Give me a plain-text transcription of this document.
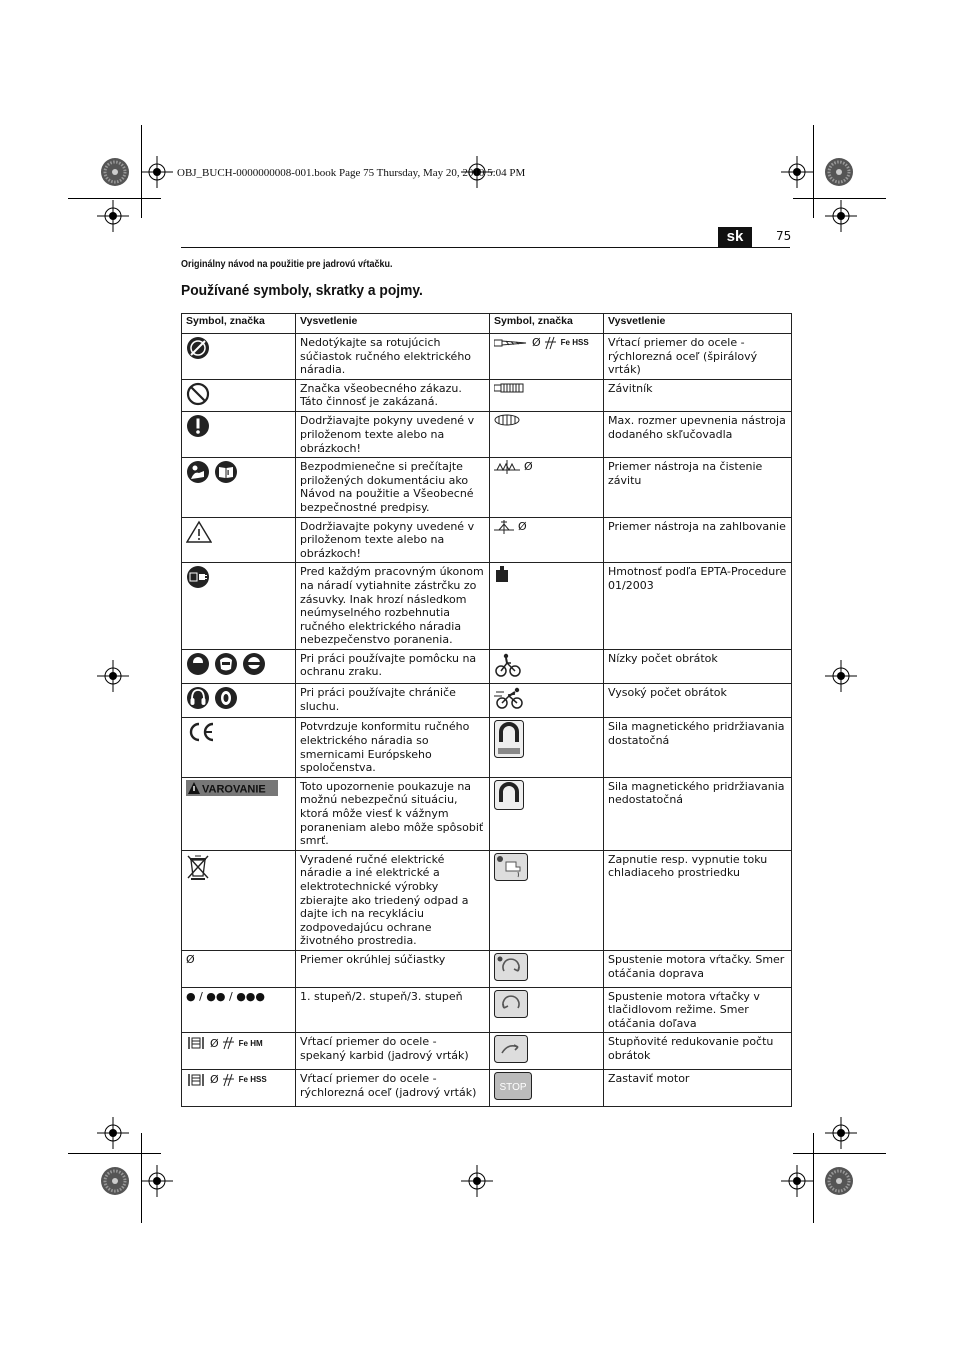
OBJ_BUCH-0000000008-001.book Page 75 Thursday, May 20, 2010 5:04 PM
sk	75
Originálny návod na použitie pre jadrovú vŕtačku.
Používané symboly, skratky a pojmy.
Symbol, značka	Vysvetlenie	Symbol, značka	Vysvetlenie
	Nedotýkajte sa rotujúcich súčiastok ručného elektrického náradia.	Ø Fe HSS	Vŕtací priemer do ocele - rýchlorezná oceľ (špirálový vrták)
	Značka všeobecného zákazu. Táto činnosť je zakázaná.		Závitník
	Dodržiavajte pokyny uvedené v priloženom texte alebo na obrázkoch!		Max. rozmer upevnenia nástroja dodaného skľučovadla

	Bezpodmienečne si prečítajte priložených dokumentáciu ako Návod na použitie a Všeobecné bezpečnostné predpisy.	Ø	Priemer nástroja na čistenie závitu
	Dodržiavajte pokyny uvedené v priloženom texte alebo na obrázkoch!	Ø	Priemer nástroja na zahlbovanie
	Pred každým pracovným úkonom na náradí vytiahnite zástrčku zo zásuvky. Inak hrozí následkom neúmyselného rozbehnutia ručného elektrického náradia nebezpečenstvo poranenia.		Hmotnosť podľa EPTA-Procedure 01/2003

	Pri práci používajte pomôcku na ochranu zraku.		Nízky počet obrátok

	Pri práci používajte chrániče sluchu.		Vysoký počet obrátok
	Potvrdzuje konformitu ručného elektrického náradia so smernicami Európskeho spoločenstva.		Sila magnetického pridržiavania dostatočná

VAROVANIE	Toto upozornenie poukazuje na možnú nebezpečnú situáciu, ktorá môže viesť k vážnym poraneniam alebo môže spôsobiť smrť.		Sila magnetického pridržiavania nedostatočná
	Vyradené ručné elektrické náradie a iné elektrické a elektrotechnické výrobky zbierajte ako triedený odpad a dajte ich na recykláciu zodpovedajúcu ochrane životného prostredia.		Zapnutie resp. vypnutie toku chladiaceho prostriedku
Ø	Priemer okrúhlej súčiastky		Spustenie motora vŕtačky. Smer otáčania doprava
● / ●● / ●●●	1. stupeň/2. stupeň/3. stupeň		Spustenie motora vŕtačky v tlačidlovom režime. Smer otáčania doľava

Ø Fe HM	Vŕtací priemer do ocele - spekaný karbid (jadrový vrták)		Stupňovité redukovanie počtu obrátok

Ø Fe HSS	Vŕtací priemer do ocele - rýchlorezná oceľ (jadrový vrták)	STOP	Zastaviť motor
